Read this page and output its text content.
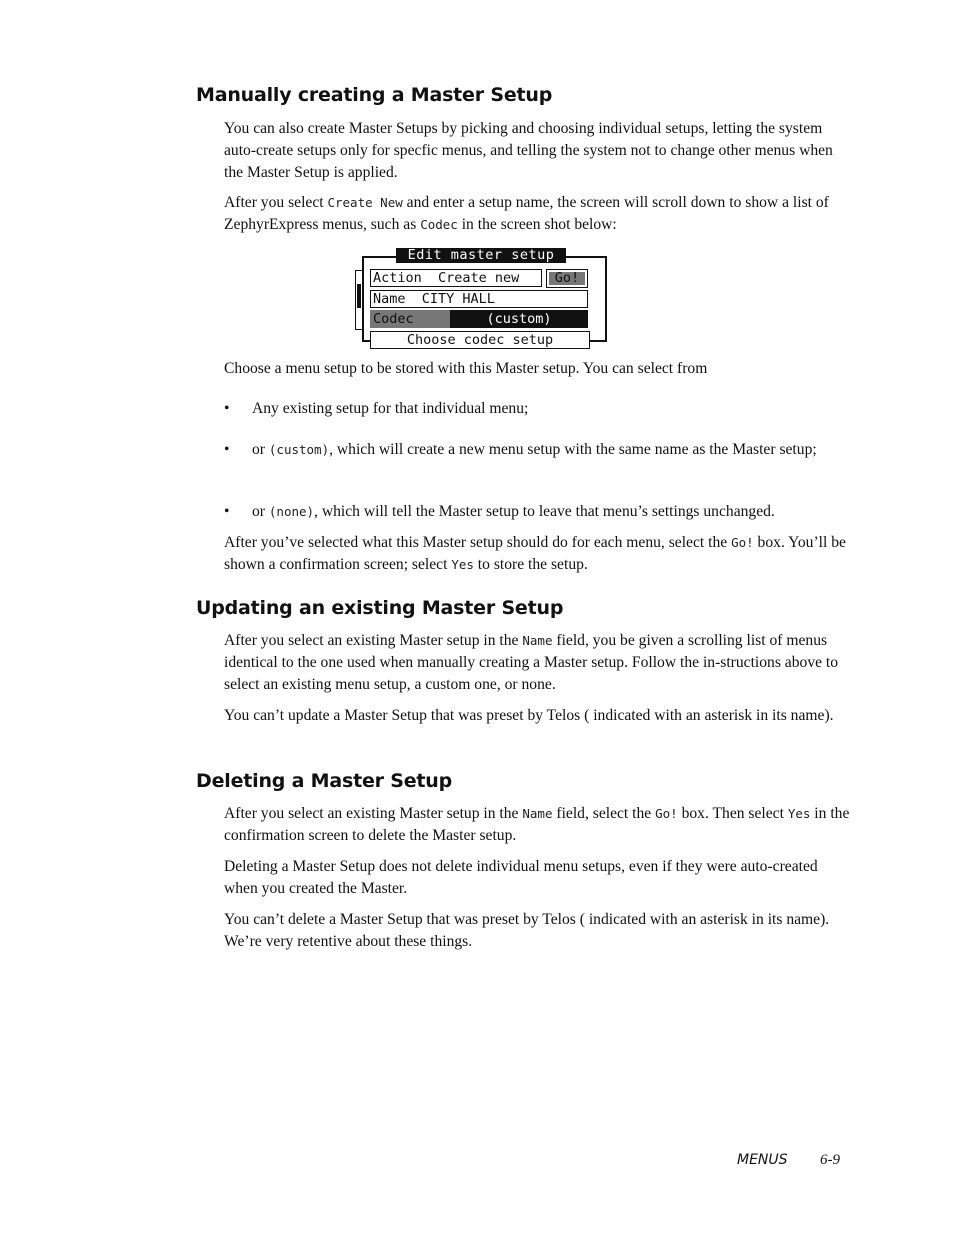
Manually creating a Master Setup

You can also create Master Setups by picking and choosing individual setups, letting the system auto-create setups only for specfic menus, and telling the system not to change other menus when the Master Setup is applied.

After you select Create New and enter a setup name, the screen will scroll down to show a list of ZephyrExpress menus, such as Codec in the screen shot below:

Edit master setup
Action  Create new	Go!
Name  CITY HALL
Codec	(custom)
Choose codec setup

Choose a menu setup to be stored with this Master setup. You can select from

• Any existing setup for that individual menu;
• or (custom), which will create a new menu setup with the same name as the Master setup;
• or (none), which will tell the Master setup to leave that menu’s settings unchanged.

After you’ve selected what this Master setup should do for each menu, select the Go! box. You’ll be shown a confirmation screen; select Yes to store the setup.

Updating an existing Master Setup

After you select an existing Master setup in the Name field, you be given a scrolling list of menus identical to the one used when manually creating a Master setup. Follow the in-structions above to select an existing menu setup, a custom one, or none.

You can’t update a Master Setup that was preset by Telos ( indicated with an asterisk in its name).

Deleting a Master Setup

After you select an existing Master setup in the Name field, select the Go! box. Then select Yes in the confirmation screen to delete the Master setup.

Deleting a Master Setup does not delete individual menu setups, even if they were auto-created when you created the Master.

You can’t delete a Master Setup that was preset by Telos ( indicated with an asterisk in its name). We’re very retentive about these things.

MENUS 6-9
